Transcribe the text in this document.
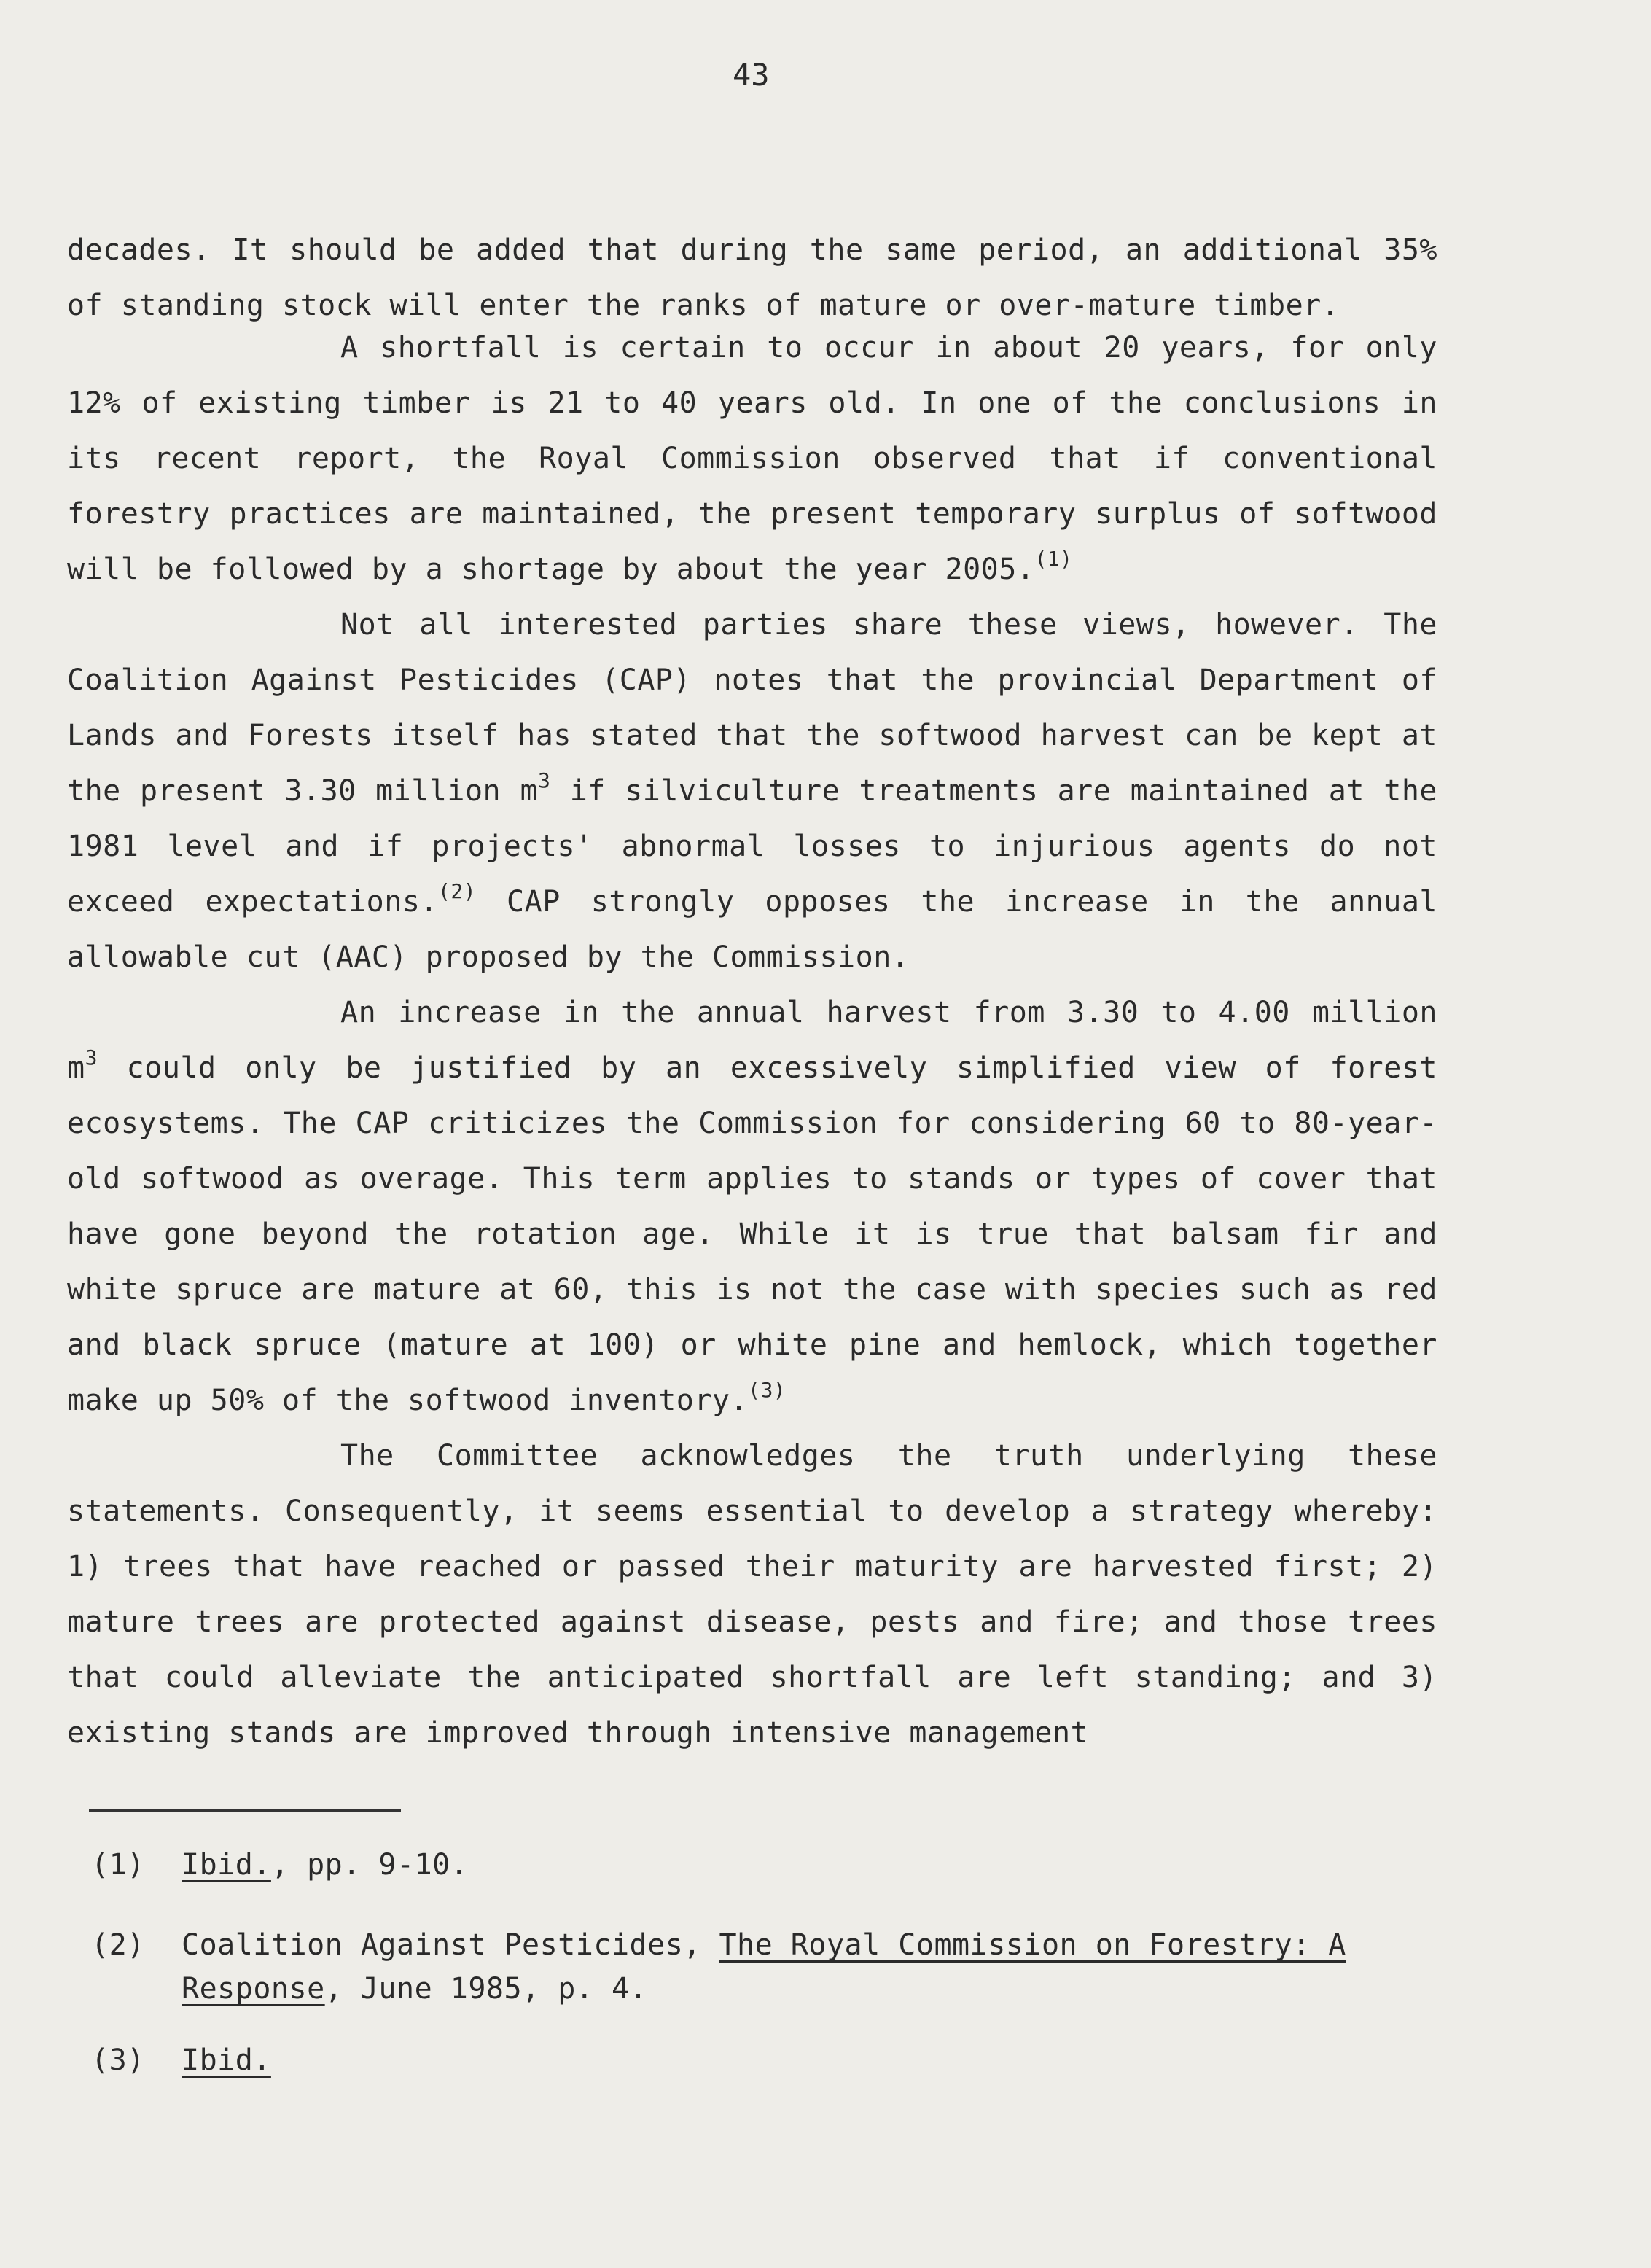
43

decades. It should be added that during the same period, an additional 35% of standing stock will enter the ranks of mature or over-mature timber.

A shortfall is certain to occur in about 20 years, for only 12% of existing timber is 21 to 40 years old. In one of the conclusions in its recent report, the Royal Commission observed that if conventional forestry practices are maintained, the present temporary surplus of softwood will be followed by a shortage by about the year 2005.$^{(1)}$

Not all interested parties share these views, however. The Coalition Against Pesticides (CAP) notes that the provincial Department of Lands and Forests itself has stated that the softwood harvest can be kept at the present 3.30 million $m^3$ if silviculture treatments are maintained at the 1981 level and if projects' abnormal losses to injurious agents do not exceed expectations.$^{(2)}$ CAP strongly opposes the increase in the annual allowable cut (AAC) proposed by the Commission.

An increase in the annual harvest from 3.30 to 4.00 million $m^3$ could only be justified by an excessively simplified view of forest ecosystems. The CAP criticizes the Commission for considering 60 to 80-year-old softwood as overage. This term applies to stands or types of cover that have gone beyond the rotation age. While it is true that balsam fir and white spruce are mature at 60, this is not the case with species such as red and black spruce (mature at 100) or white pine and hemlock, which together make up 50% of the softwood inventory.$^{(3)}$

The Committee acknowledges the truth underlying these statements. Consequently, it seems essential to develop a strategy whereby: 1) trees that have reached or passed their maturity are harvested first; 2) mature trees are protected against disease, pests and fire; and those trees that could alleviate the anticipated shortfall are left standing; and 3) existing stands are improved through intensive management

(1) Ibid., pp. 9-10.
(2) Coalition Against Pesticides, The Royal Commission on Forestry: A
Response, June 1985, p. 4.
(3) Ibid.
